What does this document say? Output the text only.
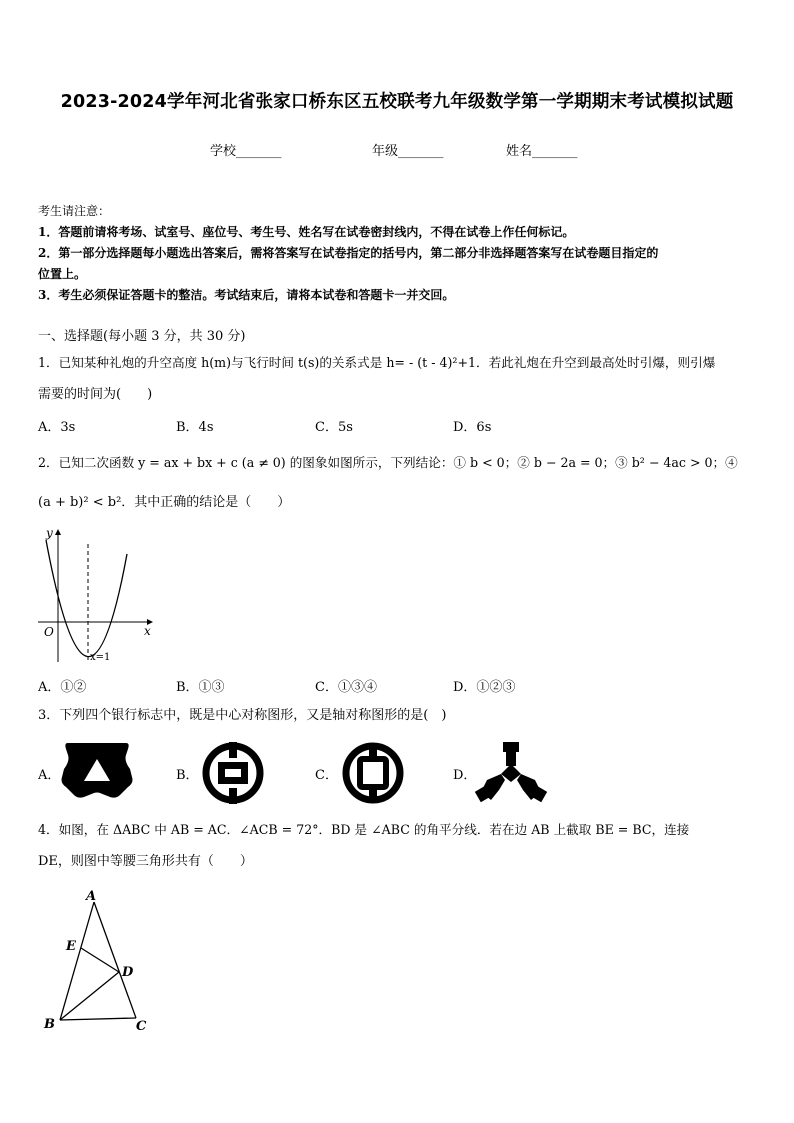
2023-2024学年河北省张家口桥东区五校联考九年级数学第一学期期末考试模拟试题
学校_______	年级_______	姓名_______

考生请注意：

1．答题前请将考场、试室号、座位号、考生号、姓名写在试卷密封线内，不得在试卷上作任何标记。

2．第一部分选择题每小题选出答案后，需将答案写在试卷指定的括号内，第二部分非选择题答案写在试卷题目指定的

位置上。

3．考生必须保证答题卡的整洁。考试结束后，请将本试卷和答题卡一并交回。

一、选择题(每小题 3 分，共 30 分)
1．已知某种礼炮的升空高度 h(m)与飞行时间 t(s)的关系式是 h= - (t - 4)²+1．若此礼炮在升空到最高处时引爆，则引爆
需要的时间为(　　)
A．3s	B．4s	C．5s	D．6s
2．已知二次函数 y = ax + bx + c (a ≠ 0) 的图象如图所示，下列结论：① b < 0；② b − 2a = 0；③ b² − 4ac > 0；④
(a + b)² < b²．其中正确的结论是（　　）
y
x
O
x=1
A．①②	B．①③	C．①③④	D．①②③
3．下列四个银行标志中，既是中心对称图形，又是轴对称图形的是(　)
A．	B．	C．	D．
4．如图，在 ΔABC 中 AB = AC．∠ACB = 72°．BD 是 ∠ABC 的角平分线．若在边 AB 上截取 BE = BC，连接
DE，则图中等腰三角形共有（　　）
A
E
D
B	C
